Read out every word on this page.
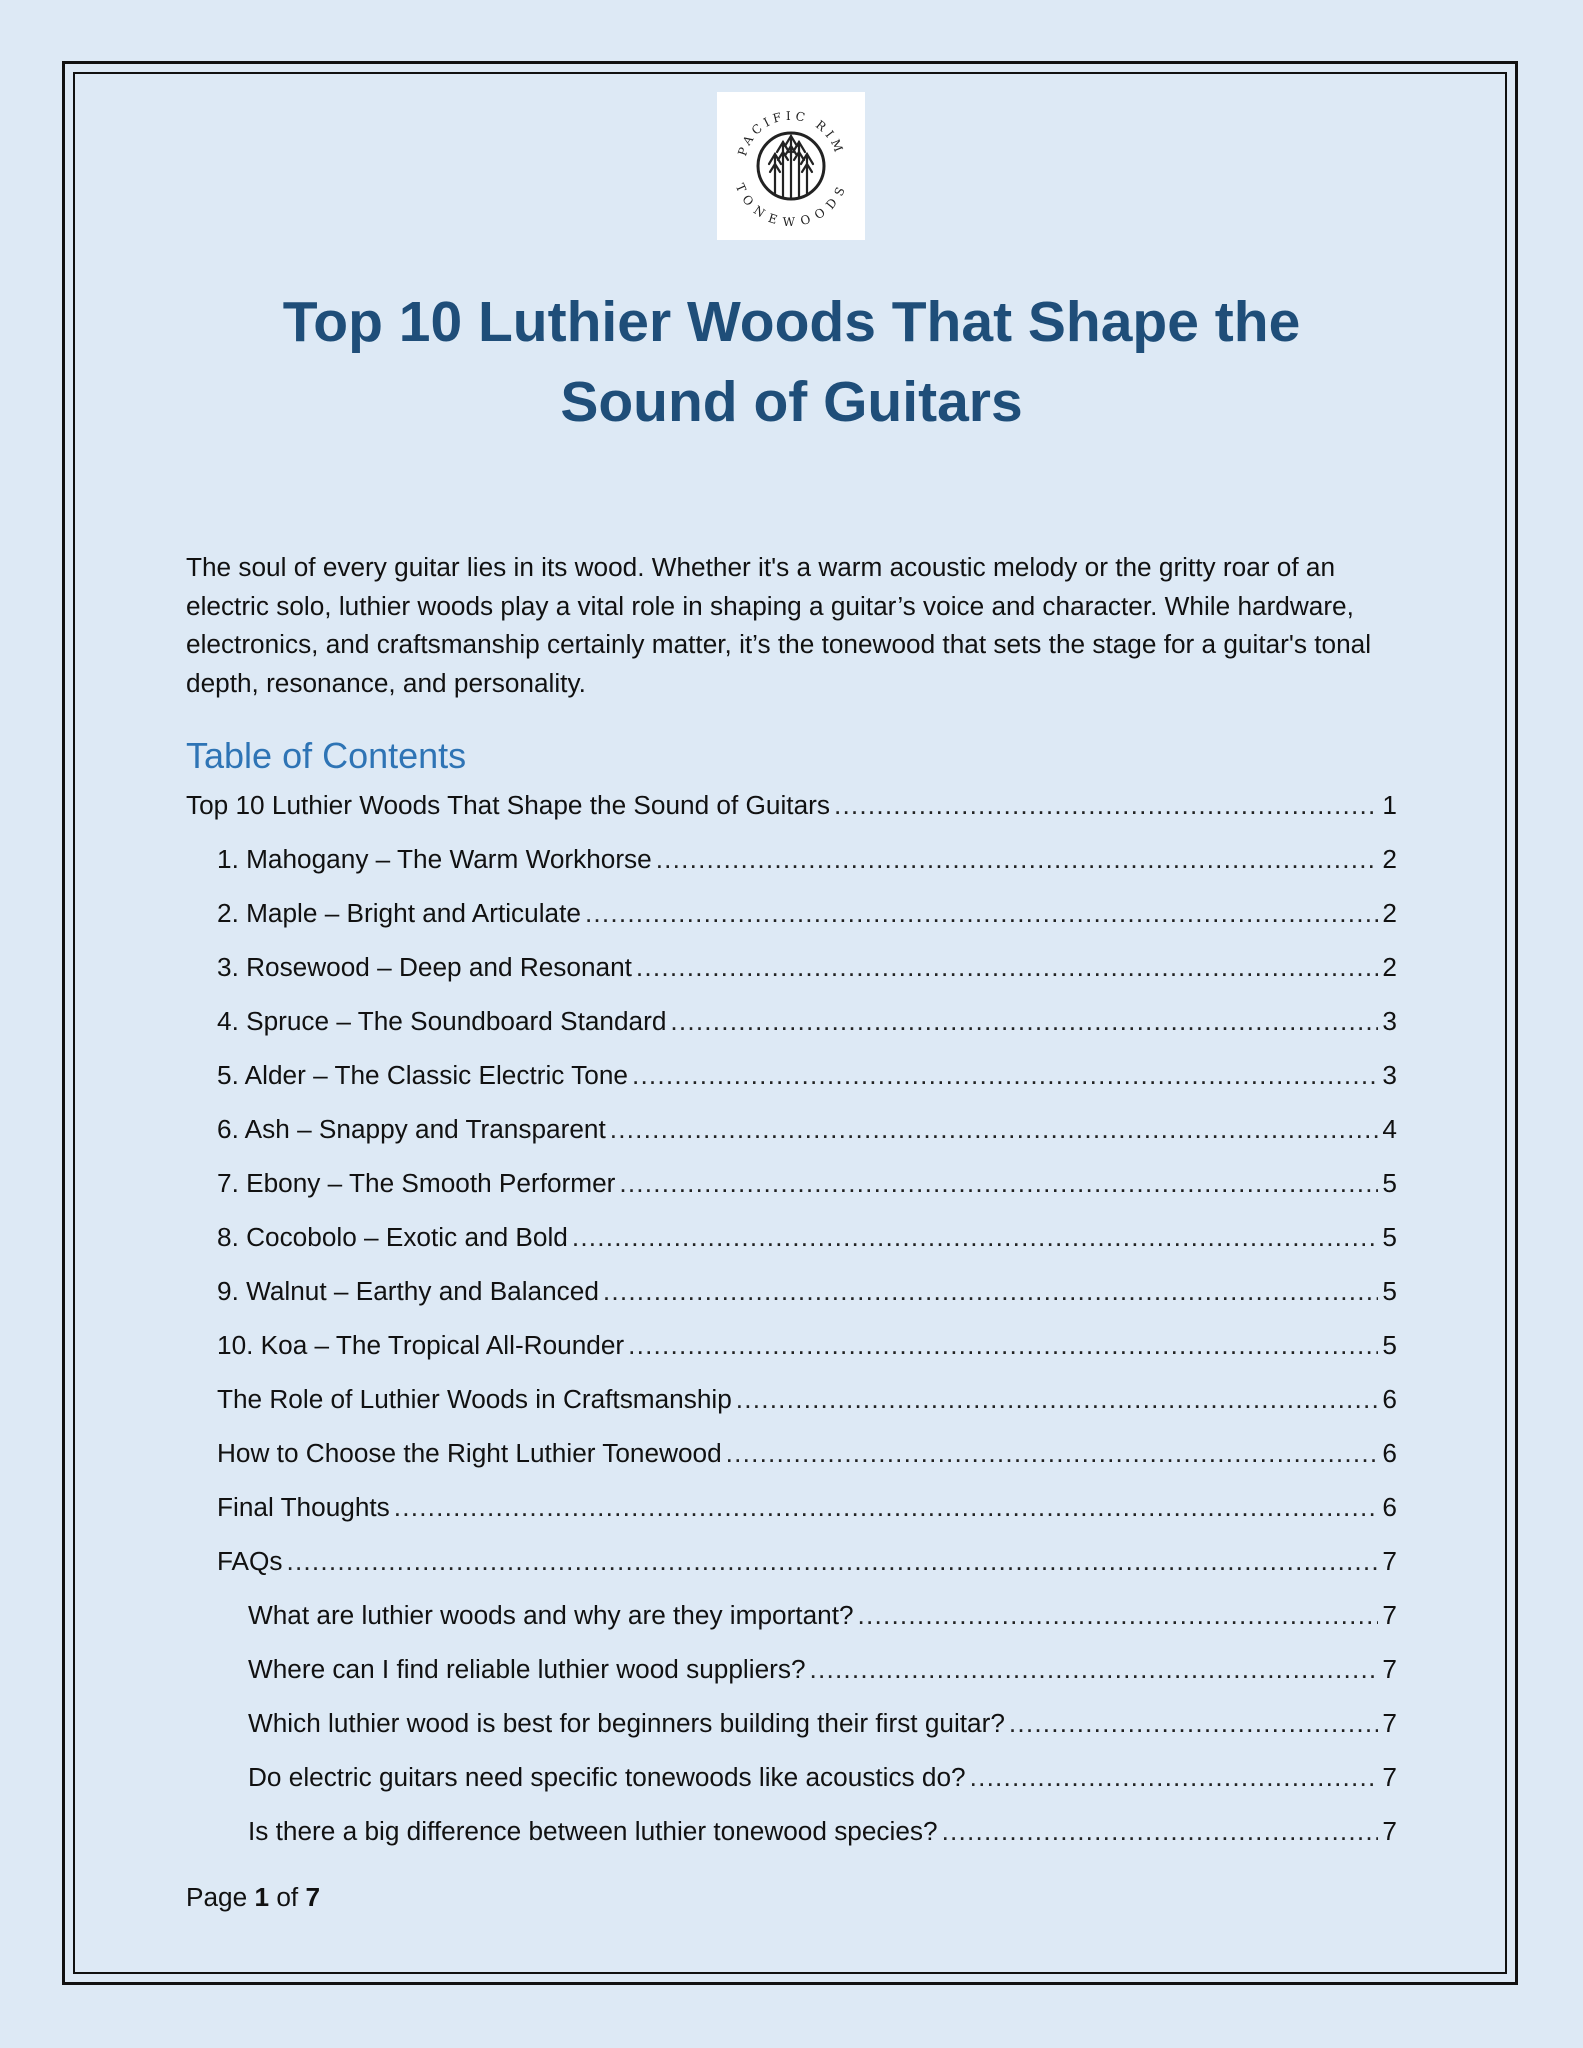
PACIFIC RIM
TONEWOODS
Top 10 Luthier Woods That Shape the
Sound of Guitars

The soul of every guitar lies in its wood. Whether it's a warm acoustic melody or the gritty roar of an electric solo, luthier woods play a vital role in shaping a guitar’s voice and character. While hardware, electronics, and craftsmanship certainly matter, it’s the tonewood that sets the stage for a guitar's tonal depth, resonance, and personality.

Table of Contents
Top 10 Luthier Woods That Shape the Sound of Guitars .....	1
1. Mahogany – The Warm Workhorse .....	2
2. Maple – Bright and Articulate .....	2
3. Rosewood – Deep and Resonant .....	2
4. Spruce – The Soundboard Standard .....	3
5. Alder – The Classic Electric Tone .....	3
6. Ash – Snappy and Transparent .....	4
7. Ebony – The Smooth Performer .....	5
8. Cocobolo – Exotic and Bold .....	5
9. Walnut – Earthy and Balanced .....	5
10. Koa – The Tropical All-Rounder .....	5
The Role of Luthier Woods in Craftsmanship .....	6
How to Choose the Right Luthier Tonewood .....	6
Final Thoughts .....	6
FAQs .....	7
What are luthier woods and why are they important? .....	7
Where can I find reliable luthier wood suppliers? .....	7
Which luthier wood is best for beginners building their first guitar? .....	7
Do electric guitars need specific tonewoods like acoustics do? .....	7
Is there a big difference between luthier tonewood species? .....	7

Page 1 of 7
